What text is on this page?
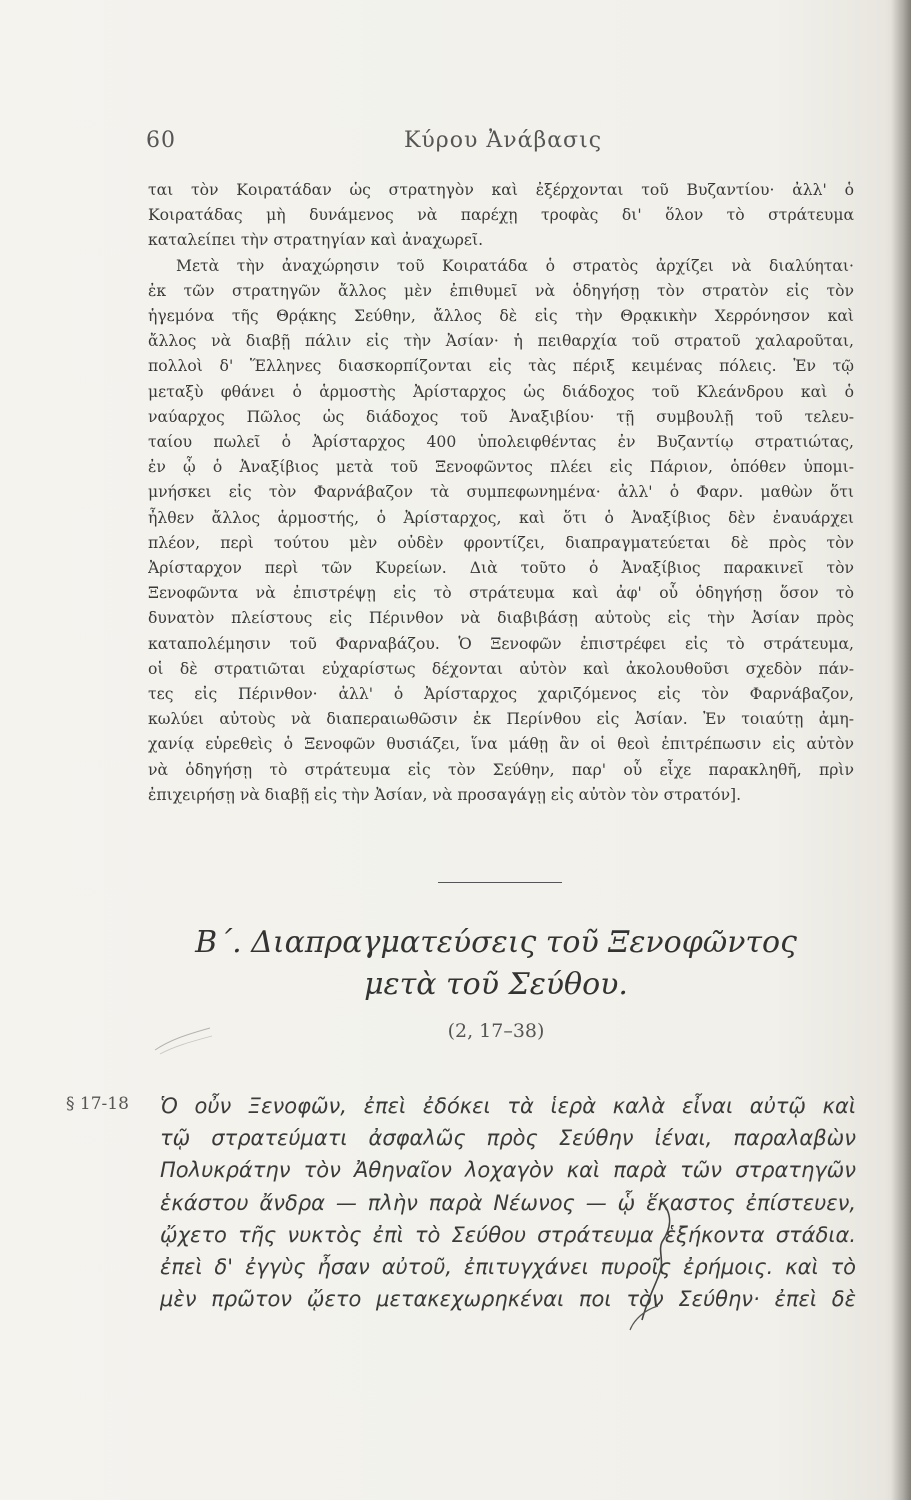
60	Κύρου Ἀνάβασις

ται τὸν Κοιρατάδαν ὡς στρατηγὸν καὶ ἐξέρχονται τοῦ Βυζαντίου· ἀλλ' ὁ
Κοιρατάδας μὴ δυνάμενος νὰ παρέχῃ τροφὰς δι' ὅλον τὸ στράτευμα
καταλείπει τὴν στρατηγίαν καὶ ἀναχωρεῖ.

Μετὰ τὴν ἀναχώρησιν τοῦ Κοιρατάδα ὁ στρατὸς ἀρχίζει νὰ διαλύηται·
ἐκ τῶν στρατηγῶν ἄλλος μὲν ἐπιθυμεῖ νὰ ὁδηγήσῃ τὸν στρατὸν εἰς τὸν
ἡγεμόνα τῆς Θρᾴκης Σεύθην, ἄλλος δὲ εἰς τὴν Θρᾳκικὴν Χερρόνησον καὶ
ἄλλος νὰ διαβῇ πάλιν εἰς τὴν Ἀσίαν· ἡ πειθαρχία τοῦ στρατοῦ χαλαροῦται,
πολλοὶ δ' Ἕλληνες διασκορπίζονται εἰς τὰς πέριξ κειμένας πόλεις. Ἐν τῷ
μεταξὺ φθάνει ὁ ἁρμοστὴς Ἀρίσταρχος ὡς διάδοχος τοῦ Κλεάνδρου καὶ ὁ
ναύαρχος Πῶλος ὡς διάδοχος τοῦ Ἀναξιβίου· τῇ συμβουλῇ τοῦ τελευ-
ταίου πωλεῖ ὁ Ἀρίσταρχος 400 ὑπολειφθέντας ἐν Βυζαντίῳ στρατιώτας,
ἐν ᾧ ὁ Ἀναξίβιος μετὰ τοῦ Ξενοφῶντος πλέει εἰς Πάριον, ὁπόθεν ὑπομι-
μνήσκει εἰς τὸν Φαρνάβαζον τὰ συμπεφωνημένα· ἀλλ' ὁ Φαρν. μαθὼν ὅτι
ἦλθεν ἄλλος ἁρμοστής, ὁ Ἀρίσταρχος, καὶ ὅτι ὁ Ἀναξίβιος δὲν ἐναυάρχει
πλέον, περὶ τούτου μὲν οὐδὲν φροντίζει, διαπραγματεύεται δὲ πρὸς τὸν
Ἀρίσταρχον περὶ τῶν Κυρείων. Διὰ τοῦτο ὁ Ἀναξίβιος παρακινεῖ τὸν
Ξενοφῶντα νὰ ἐπιστρέψῃ εἰς τὸ στράτευμα καὶ ἀφ' οὗ ὁδηγήσῃ ὅσον τὸ
δυνατὸν πλείστους εἰς Πέρινθον νὰ διαβιβάσῃ αὐτοὺς εἰς τὴν Ἀσίαν πρὸς
καταπολέμησιν τοῦ Φαρναβάζου. Ὁ Ξενοφῶν ἐπιστρέφει εἰς τὸ στράτευμα,
οἱ δὲ στρατιῶται εὐχαρίστως δέχονται αὐτὸν καὶ ἀκολουθοῦσι σχεδὸν πάν-
τες εἰς Πέρινθον· ἀλλ' ὁ Ἀρίσταρχος χαριζόμενος εἰς τὸν Φαρνάβαζον,
κωλύει αὐτοὺς νὰ διαπεραιωθῶσιν ἐκ Περίνθου εἰς Ἀσίαν. Ἐν τοιαύτῃ ἀμη-
χανίᾳ εὑρεθεὶς ὁ Ξενοφῶν θυσιάζει, ἵνα μάθῃ ἂν οἱ θεοὶ ἐπιτρέπωσιν εἰς αὐτὸν
νὰ ὁδηγήσῃ τὸ στράτευμα εἰς τὸν Σεύθην, παρ' οὗ εἶχε παρακληθῆ, πρὶν
ἐπιχειρήσῃ νὰ διαβῇ εἰς τὴν Ἀσίαν, νὰ προσαγάγῃ εἰς αὐτὸν τὸν στρατόν].

Β΄. Διαπραγματεύσεις τοῦ Ξενοφῶντος
μετὰ τοῦ Σεύθου.
(2, 17–38)
§ 17-18 Ὁ οὖν Ξενοφῶν, ἐπεὶ ἐδόκει τὰ ἱερὰ καλὰ εἶναι αὐτῷ καὶ
τῷ στρατεύματι ἀσφαλῶς πρὸς Σεύθην ἰέναι, παραλαβὼν
Πολυκράτην τὸν Ἀθηναῖον λοχαγὸν καὶ παρὰ τῶν στρατηγῶν
ἑκάστου ἄνδρα — πλὴν παρὰ Νέωνος — ᾧ ἕκαστος ἐπίστευεν,
ᾤχετο τῆς νυκτὸς ἐπὶ τὸ Σεύθου στράτευμα ἑξήκοντα στάδια.
ἐπεὶ δ' ἐγγὺς ἦσαν αὐτοῦ, ἐπιτυγχάνει πυροῖς ἐρήμοις. καὶ τὸ
μὲν πρῶτον ᾤετο μετακεχωρηκέναι ποι τὸν Σεύθην· ἐπεὶ δὲ
